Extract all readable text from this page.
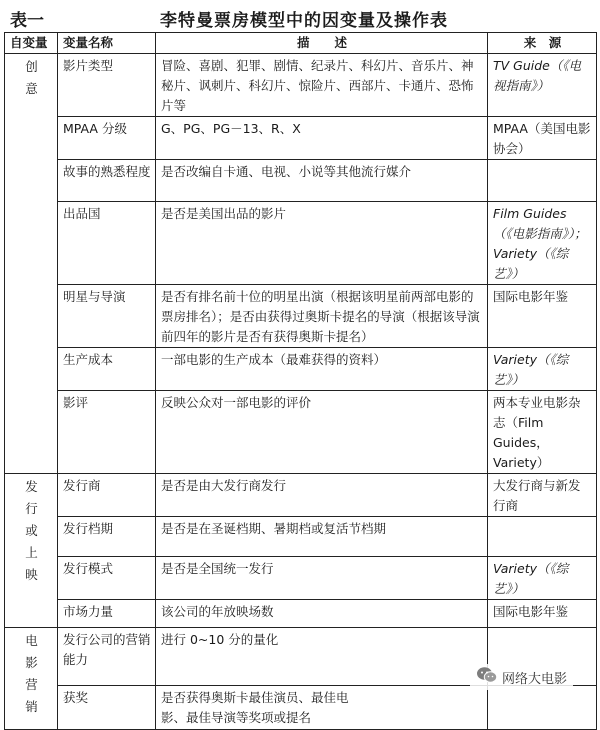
表一	李特曼票房模型中的因变量及操作表
自变量	变量名称	描　　述	来　源
创意	影片类型	冒险、喜剧、犯罪、剧情、纪录片、科幻片、音乐片、神秘片、讽刺片、科幻片、惊险片、西部片、卡通片、恐怖片等	TV Guide（《电视指南》）
	MPAA 分级	G、PG、PG－13、R、X	MPAA（美国电影协会）
	故事的熟悉程度	是否改编自卡通、电视、小说等其他流行媒介	
	出品国	是否是美国出品的影片	Film Guides（《电影指南》）；Variety（《综艺》）
	明星与导演	是否有排名前十位的明星出演（根据该明星前两部电影的票房排名）；是否由获得过奥斯卡提名的导演（根据该导演前四年的影片是否有获得奥斯卡提名）	国际电影年鉴
	生产成本	一部电影的生产成本（最难获得的资料）	Variety（《综艺》）
	影评	反映公众对一部电影的评价	两本专业电影杂志（Film Guides，Variety）
发行或上映	发行商	是否是由大发行商发行	大发行商与新发行商
	发行档期	是否是在圣诞档期、暑期档或复活节档期	
	发行模式	是否是全国统一发行	Variety（《综艺》）
	市场力量	该公司的年放映场数	国际电影年鉴
电影营销	发行公司的营销能力	进行 0~10 分的量化	
	获奖	是否获得奥斯卡最佳演员、最佳电影、最佳导演等奖项或提名	
网络大电影
